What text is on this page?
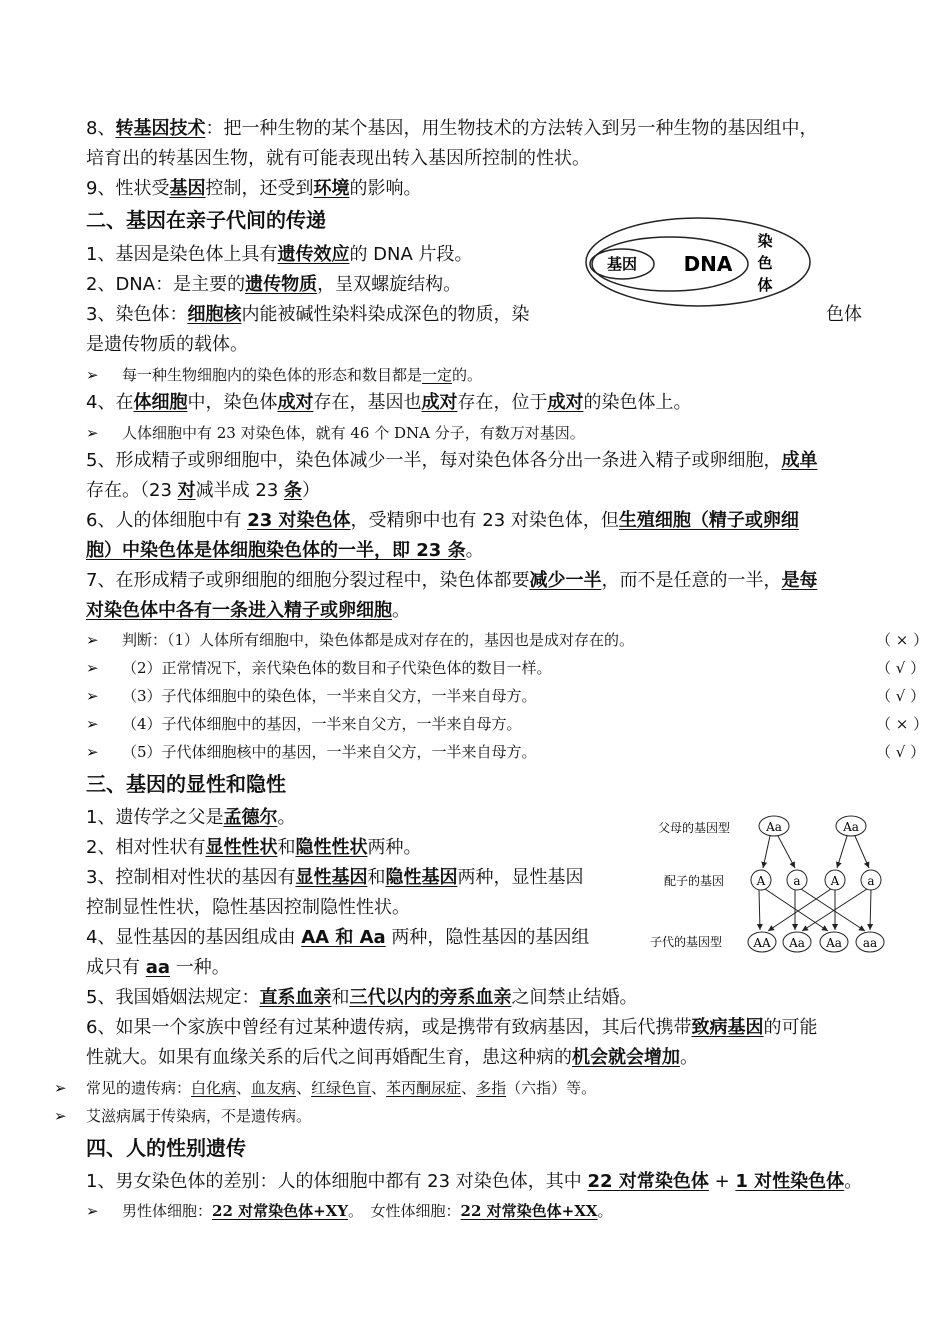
8、转基因技术：把一种生物的某个基因，用生物技术的方法转入到另一种生物的基因组中，
培育出的转基因生物，就有可能表现出转入基因所控制的性状。
9、性状受基因控制，还受到环境的影响。
二、基因在亲子代间的传递
1、基因是染色体上具有遗传效应的 DNA 片段。
2、DNA：是主要的遗传物质，呈双螺旋结构。
3、染色体：细胞核内能被碱性染料染成深色的物质，染	色体
是遗传物质的载体。
基因 DNA
染
色
体
➢ 每一种生物细胞内的染色体的形态和数目都是一定的。
4、在体细胞中，染色体成对存在，基因也成对存在，位于成对的染色体上。
➢ 人体细胞中有 23 对染色体，就有 46 个 DNA 分子，有数万对基因。
5、形成精子或卵细胞中，染色体减少一半，每对染色体各分出一条进入精子或卵细胞，成单
存在。（23 对减半成 23 条）
6、人的体细胞中有 23 对染色体，受精卵中也有 23 对染色体，但生殖细胞（精子或卵细
胞）中染色体是体细胞染色体的一半，即 23 条。
7、在形成精子或卵细胞的细胞分裂过程中，染色体都要减少一半，而不是任意的一半，是每
对染色体中各有一条进入精子或卵细胞。
➢ 判断：（1）人体所有细胞中，染色体都是成对存在的，基因也是成对存在的。	（ × ）
➢ （2）正常情况下，亲代染色体的数目和子代染色体的数目一样。	（ √ ）
➢ （3）子代体细胞中的染色体，一半来自父方，一半来自母方。	（ √ ）
➢ （4）子代体细胞中的基因，一半来自父方，一半来自母方。	（ × ）
➢ （5）子代体细胞核中的基因，一半来自父方，一半来自母方。	（ √ ）
三、基因的显性和隐性
1、遗传学之父是孟德尔。
2、相对性状有显性性状和隐性性状两种。
3、控制相对性状的基因有显性基因和隐性基因两种，显性基因
控制显性性状，隐性基因控制隐性性状。
4、显性基因的基因组成由 AA 和 Aa 两种，隐性基因的基因组
成只有 aa 一种。
父母的基因型
配子的基因
子代的基因型
Aa	Aa
A a	A a
AA Aa Aa aa
5、我国婚姻法规定：直系血亲和三代以内的旁系血亲之间禁止结婚。
6、如果一个家族中曾经有过某种遗传病，或是携带有致病基因，其后代携带致病基因的可能
性就大。如果有血缘关系的后代之间再婚配生育，患这种病的机会就会增加。
➢ 常见的遗传病：白化病、血友病、红绿色盲、苯丙酮尿症、多指（六指）等。
➢ 艾滋病属于传染病，不是遗传病。
四、人的性别遗传
1、男女染色体的差别：人的体细胞中都有 23 对染色体，其中 22 对常染色体 + 1 对性染色体。
➢ 男性体细胞：22 对常染色体+XY。　女性体细胞：22 对常染色体+XX。
